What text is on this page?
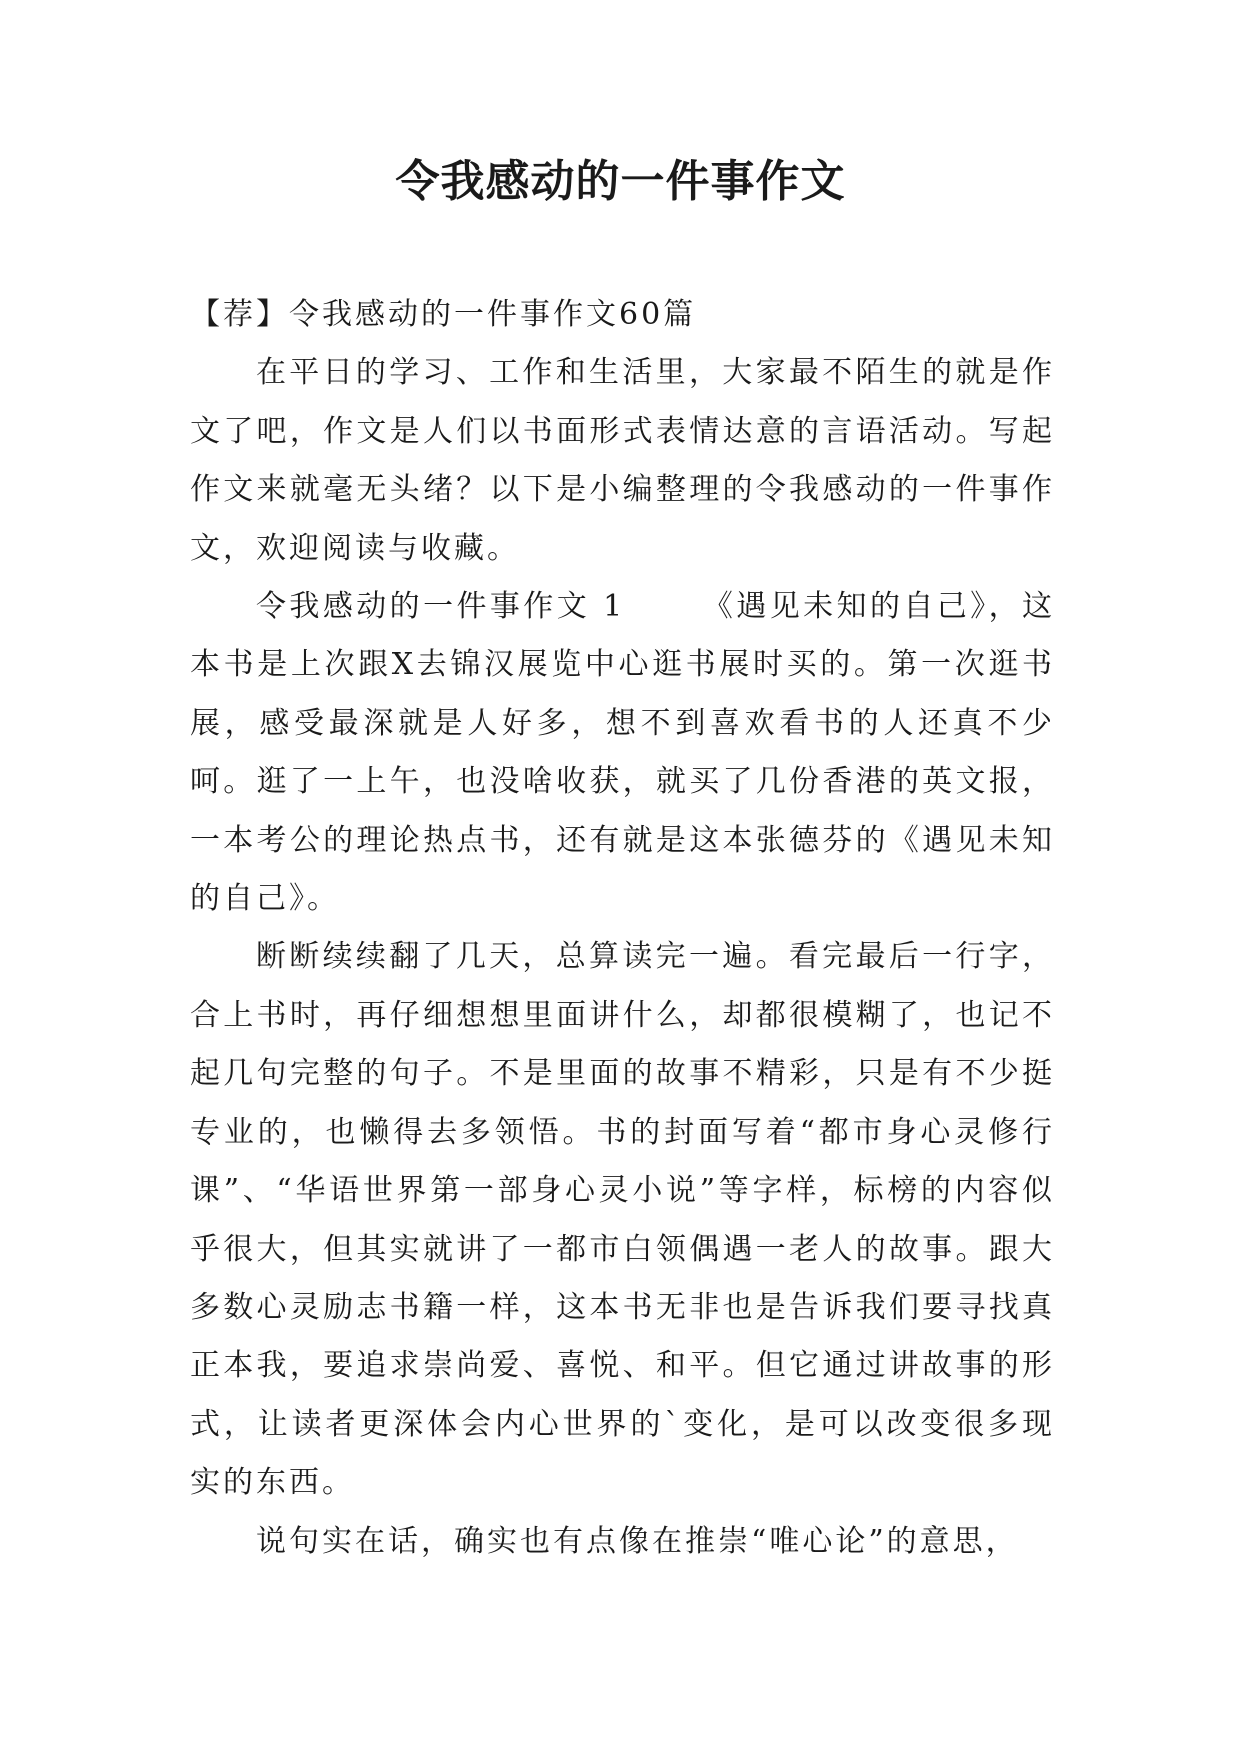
令我感动的一件事作文

【荐】令我感动的一件事作文60篇

在平日的学习、工作和生活里，大家最不陌生的就是作文了吧，作文是人们以书面形式表情达意的言语活动。写起作文来就毫无头绪？以下是小编整理的令我感动的一件事作文，欢迎阅读与收藏。

令我感动的一件事作文 1	《遇见未知的自己》，这本书是上次跟X去锦汉展览中心逛书展时买的。第一次逛书展，感受最深就是人好多，想不到喜欢看书的人还真不少呵。逛了一上午，也没啥收获，就买了几份香港的英文报，一本考公的理论热点书，还有就是这本张德芬的《遇见未知的自己》。

断断续续翻了几天，总算读完一遍。看完最后一行字，合上书时，再仔细想想里面讲什么，却都很模糊了，也记不起几句完整的句子。不是里面的故事不精彩，只是有不少挺专业的，也懒得去多领悟。书的封面写着“都市身心灵修行课”、“华语世界第一部身心灵小说”等字样，标榜的内容似乎很大，但其实就讲了一都市白领偶遇一老人的故事。跟大多数心灵励志书籍一样，这本书无非也是告诉我们要寻找真正本我，要追求崇尚爱、喜悦、和平。但它通过讲故事的形式，让读者更深体会内心世界的`变化，是可以改变很多现实的东西。

说句实在话，确实也有点像在推崇“唯心论”的意思，
